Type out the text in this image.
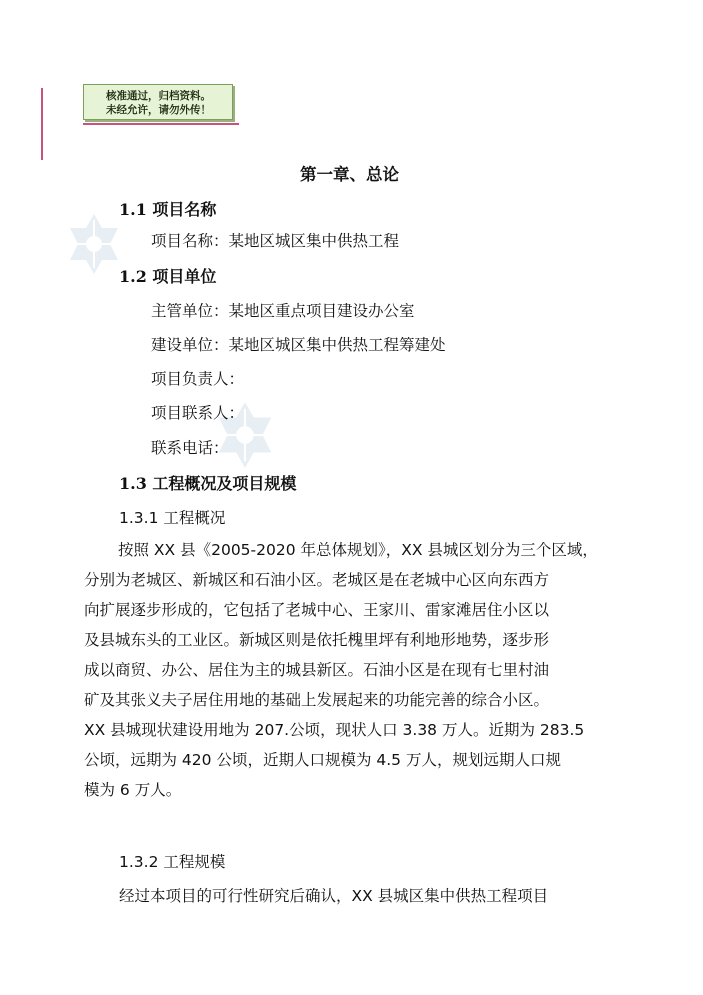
核准通过，归档资料。
未经允许，请勿外传！
第一章、总论
1.1 项目名称
项目名称：某地区城区集中供热工程
1.2 项目单位
主管单位：某地区重点项目建设办公室
建设单位：某地区城区集中供热工程筹建处
项目负责人：
项目联系人：
联系电话：
1.3 工程概况及项目规模
1.3.1 工程概况
按照 XX 县《2005-2020 年总体规划》，XX 县城区划分为三个区域，
分别为老城区、新城区和石油小区。老城区是在老城中心区向东西方
向扩展逐步形成的，它包括了老城中心、王家川、雷家滩居住小区以
及县城东头的工业区。新城区则是依托槐里坪有利地形地势，逐步形
成以商贸、办公、居住为主的城县新区。石油小区是在现有七里村油
矿及其张义夫子居住用地的基础上发展起来的功能完善的综合小区。
XX 县城现状建设用地为 207.公顷，现状人口 3.38 万人。近期为 283.5
公顷，远期为 420 公顷，近期人口规模为 4.5 万人，规划远期人口规
模为 6 万人。
1.3.2 工程规模
经过本项目的可行性研究后确认，XX 县城区集中供热工程项目
